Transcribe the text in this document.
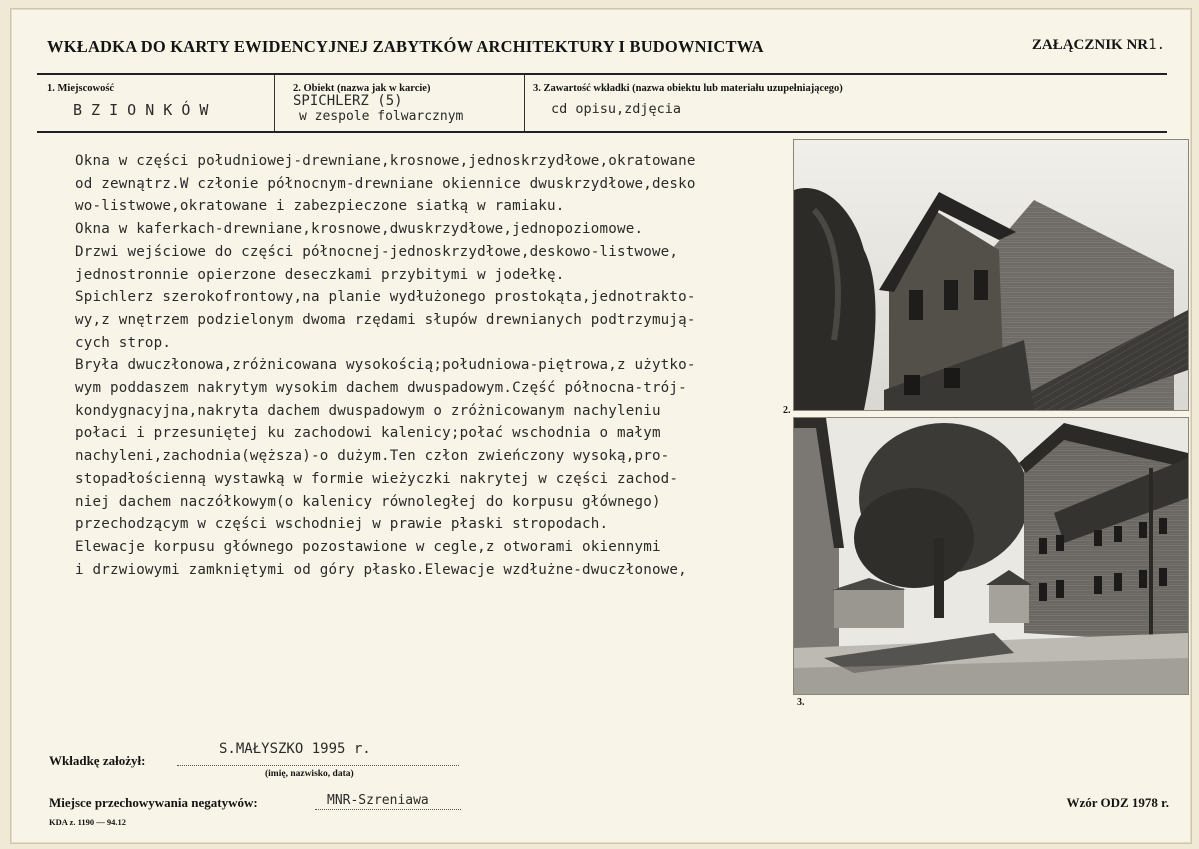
WKŁADKA DO KARTY EWIDENCYJNEJ ZABYTKÓW ARCHITEKTURY I BUDOWNICTWA	ZAŁĄCZNIK NR1.
1. Miejscowość
B Z I O N K Ó W
2. Obiekt (nazwa jak w karcie)
SPICHLERZ (5)
w zespole folwarcznym
3. Zawartość wkładki (nazwa obiektu lub materiału uzupełniającego)
cd opisu,zdjęcia
Okna w części południowej-drewniane,krosnowe,jednoskrzydłowe,okratowane
od zewnątrz.W członie północnym-drewniane okiennice dwuskrzydłowe,desko
wo-listwowe,okratowane i zabezpieczone siatką w ramiaku.
Okna w kaferkach-drewniane,krosnowe,dwuskrzydłowe,jednopoziomowe.
Drzwi wejściowe do części północnej-jednoskrzydłowe,deskowo-listwowe,
jednostronnie opierzone deseczkami przybitymi w jodełkę.
Spichlerz szerokofrontowy,na planie wydłużonego prostokąta,jednotrakto-
wy,z wnętrzem podzielonym dwoma rzędami słupów drewnianych podtrzymują-
cych strop.
Bryła dwuczłonowa,zróżnicowana wysokością;południowa-piętrowa,z użytko-
wym poddaszem nakrytym wysokim dachem dwuspadowym.Część północna-trój-
kondygnacyjna,nakryta dachem dwuspadowym o zróżnicowanym nachyleniu
połaci i przesuniętej ku zachodowi kalenicy;połać wschodnia o małym
nachyleni,zachodnia(węższa)-o dużym.Ten człon zwieńczony wysoką,pro-
stopadłościenną wystawką w formie wieżyczki nakrytej w części zachod-
niej dachem naczółkowym(o kalenicy równoległej do korpusu głównego)
przechodzącym w części wschodniej w prawie płaski stropodach.
Elewacje korpusu głównego pozostawione w cegle,z otworami okiennymi
i drzwiowymi zamkniętymi od góry płasko.Elewacje wzdłużne-dwuczłonowe,
2.
3.
Wkładkę założył:
S.MAŁYSZKO 1995 r.
(imię, nazwisko, data)
Miejsce przechowywania negatywów:	MNR-Szreniawa	Wzór ODZ 1978 r.
KDA z. 1190 — 94.12
